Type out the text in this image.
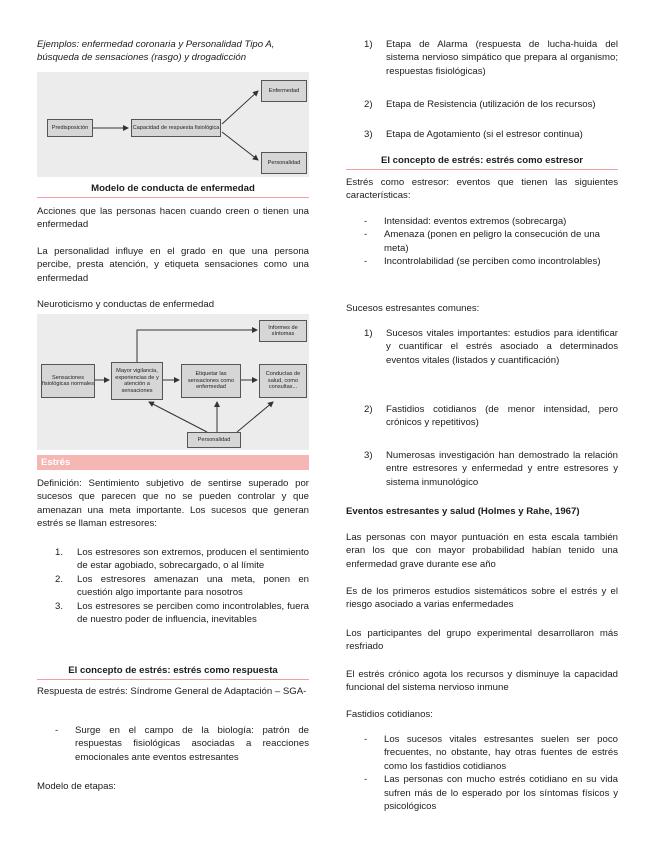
Ejemplos: enfermedad coronaria y Personalidad Tipo A, búsqueda de sensaciones (rasgo) y drogadicción

Predisposición	Capacidad de respuesta fisiológica
Enfermedad
Personalidad
Modelo de conducta de enfermedad

Acciones que las personas hacen cuando creen o tienen una enfermedad

La personalidad influye en el grado en que una persona percibe, presta atención, y etiqueta sensaciones como una enfermedad

Neuroticismo y conductas de enfermedad

Sensaciones fisiológicas normales
Mayor vigilancia, experiencias de y atención a sensaciones
Etiquetar las sensaciones como enfermedad
Conductas de salud, como consultas...
Informes de síntomas
Personalidad
Estrés

Definición: Sentimiento subjetivo de sentirse superado por sucesos que parecen que no se pueden controlar y que amenazan una meta importante. Los sucesos que generan estrés se llaman estresores:

1. Los estresores son extremos, producen el sentimiento de estar agobiado, sobrecargado, o al límite
2. Los estresores amenazan una meta, ponen en cuestión algo importante para nosotros
3. Los estresores se perciben como incontrolables, fuera de nuestro poder de influencia, inevitables
El concepto de estrés: estrés como respuesta

Respuesta de estrés: Síndrome General de Adaptación – SGA-

- Surge en el campo de la biología: patrón de respuestas fisiológicas asociadas a reacciones emocionales ante eventos estresantes

Modelo de etapas:

1) Etapa de Alarma (respuesta de lucha-huida del sistema nervioso simpático que prepara al organismo; respuestas fisiológicas)
2) Etapa de Resistencia (utilización de los recursos)
3) Etapa de Agotamiento (si el estresor continua)
El concepto de estrés: estrés como estresor

Estrés como estresor: eventos que tienen las siguientes características:

- Intensidad: eventos extremos (sobrecarga)
- Amenaza (ponen en peligro la consecución de una meta)
- Incontrolabilidad (se perciben como incontrolables)

Sucesos estresantes comunes:

1) Sucesos vitales importantes: estudios para identificar y cuantificar el estrés asociado a determinados eventos vitales (listados y cuantificación)
2) Fastidios cotidianos (de menor intensidad, pero crónicos y repetitivos)
3) Numerosas investigación han demostrado la relación entre estresores y enfermedad y entre estresores y sistema inmunológico

Eventos estresantes y salud (Holmes y Rahe, 1967)

Las personas con mayor puntuación en esta escala también eran los que con mayor probabilidad habían tenido una enfermedad grave durante ese año

Es de los primeros estudios sistemáticos sobre el estrés y el riesgo asociado a varias enfermedades

Los participantes del grupo experimental desarrollaron más resfriado

El estrés crónico agota los recursos y disminuye la capacidad funcional del sistema nervioso inmune

Fastidios cotidianos:

- Los sucesos vitales estresantes suelen ser poco frecuentes, no obstante, hay otras fuentes de estrés como los fastidios cotidianos
- Las personas con mucho estrés cotidiano en su vida sufren más de lo esperado por los síntomas físicos y psicológicos
